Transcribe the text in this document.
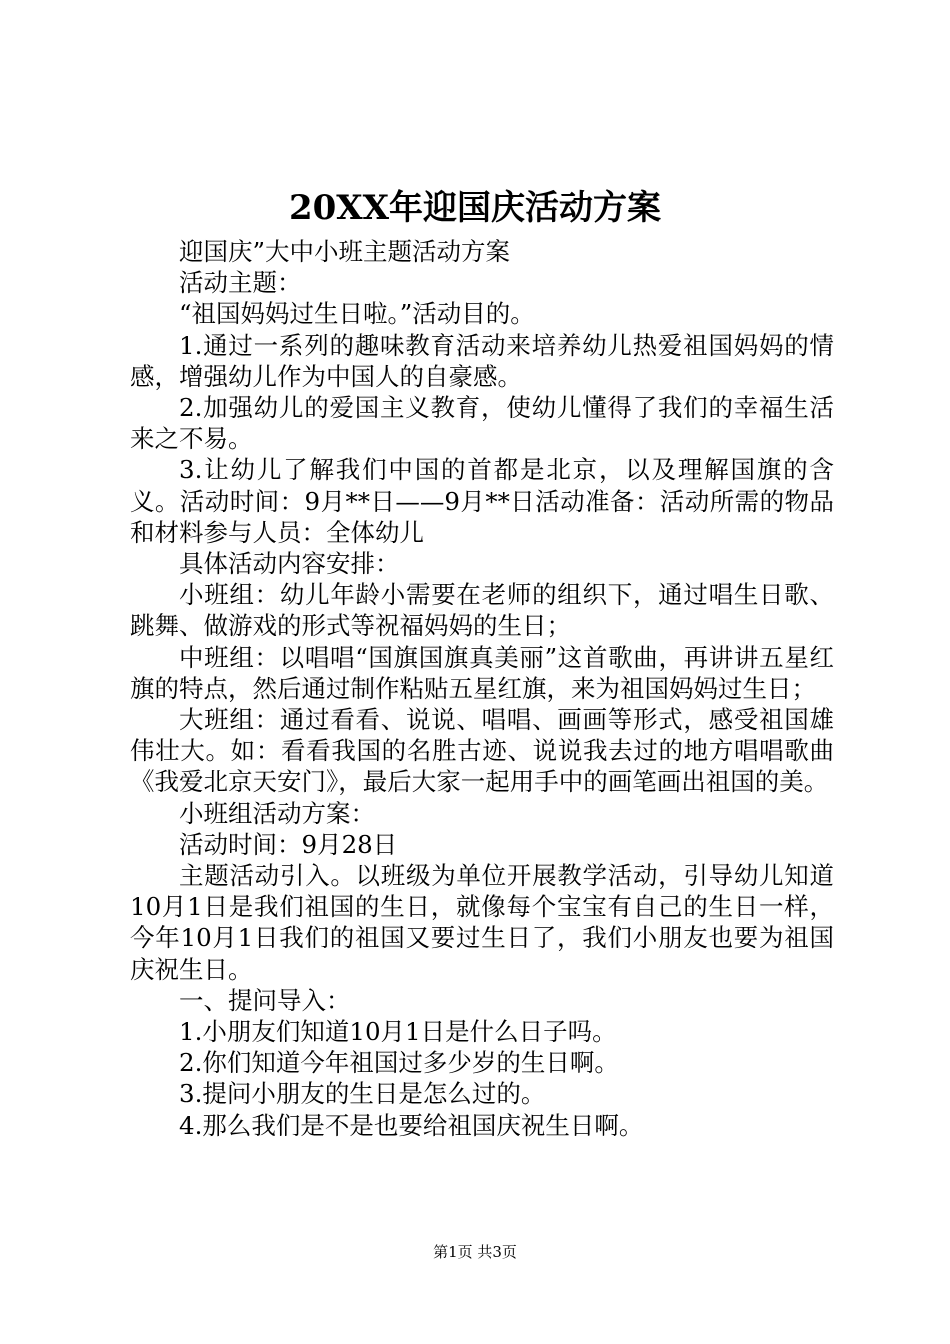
20XX年迎国庆活动方案

迎国庆”大中小班主题活动方案

活动主题：

“祖国妈妈过生日啦。”活动目的。

1.通过一系列的趣味教育活动来培养幼儿热爱祖国妈妈的情感，增强幼儿作为中国人的自豪感。

2.加强幼儿的爱国主义教育，使幼儿懂得了我们的幸福生活来之不易。

3.让幼儿了解我们中国的首都是北京，以及理解国旗的含义。活动时间：9月**日——9月**日活动准备：活动所需的物品和材料参与人员：全体幼儿

具体活动内容安排：

小班组：幼儿年龄小需要在老师的组织下，通过唱生日歌、跳舞、做游戏的形式等祝福妈妈的生日；

中班组：以唱唱“国旗国旗真美丽”这首歌曲，再讲讲五星红旗的特点，然后通过制作粘贴五星红旗，来为祖国妈妈过生日；

大班组：通过看看、说说、唱唱、画画等形式，感受祖国雄伟壮大。如：看看我国的名胜古迹、说说我去过的地方唱唱歌曲《我爱北京天安门》，最后大家一起用手中的画笔画出祖国的美。

小班组活动方案：

活动时间：9月28日

主题活动引入。以班级为单位开展教学活动，引导幼儿知道10月1日是我们祖国的生日，就像每个宝宝有自己的生日一样，今年10月1日我们的祖国又要过生日了，我们小朋友也要为祖国庆祝生日。

一、提问导入：

1.小朋友们知道10月1日是什么日子吗。

2.你们知道今年祖国过多少岁的生日啊。

3.提问小朋友的生日是怎么过的。

4.那么我们是不是也要给祖国庆祝生日啊。

第1页 共3页
